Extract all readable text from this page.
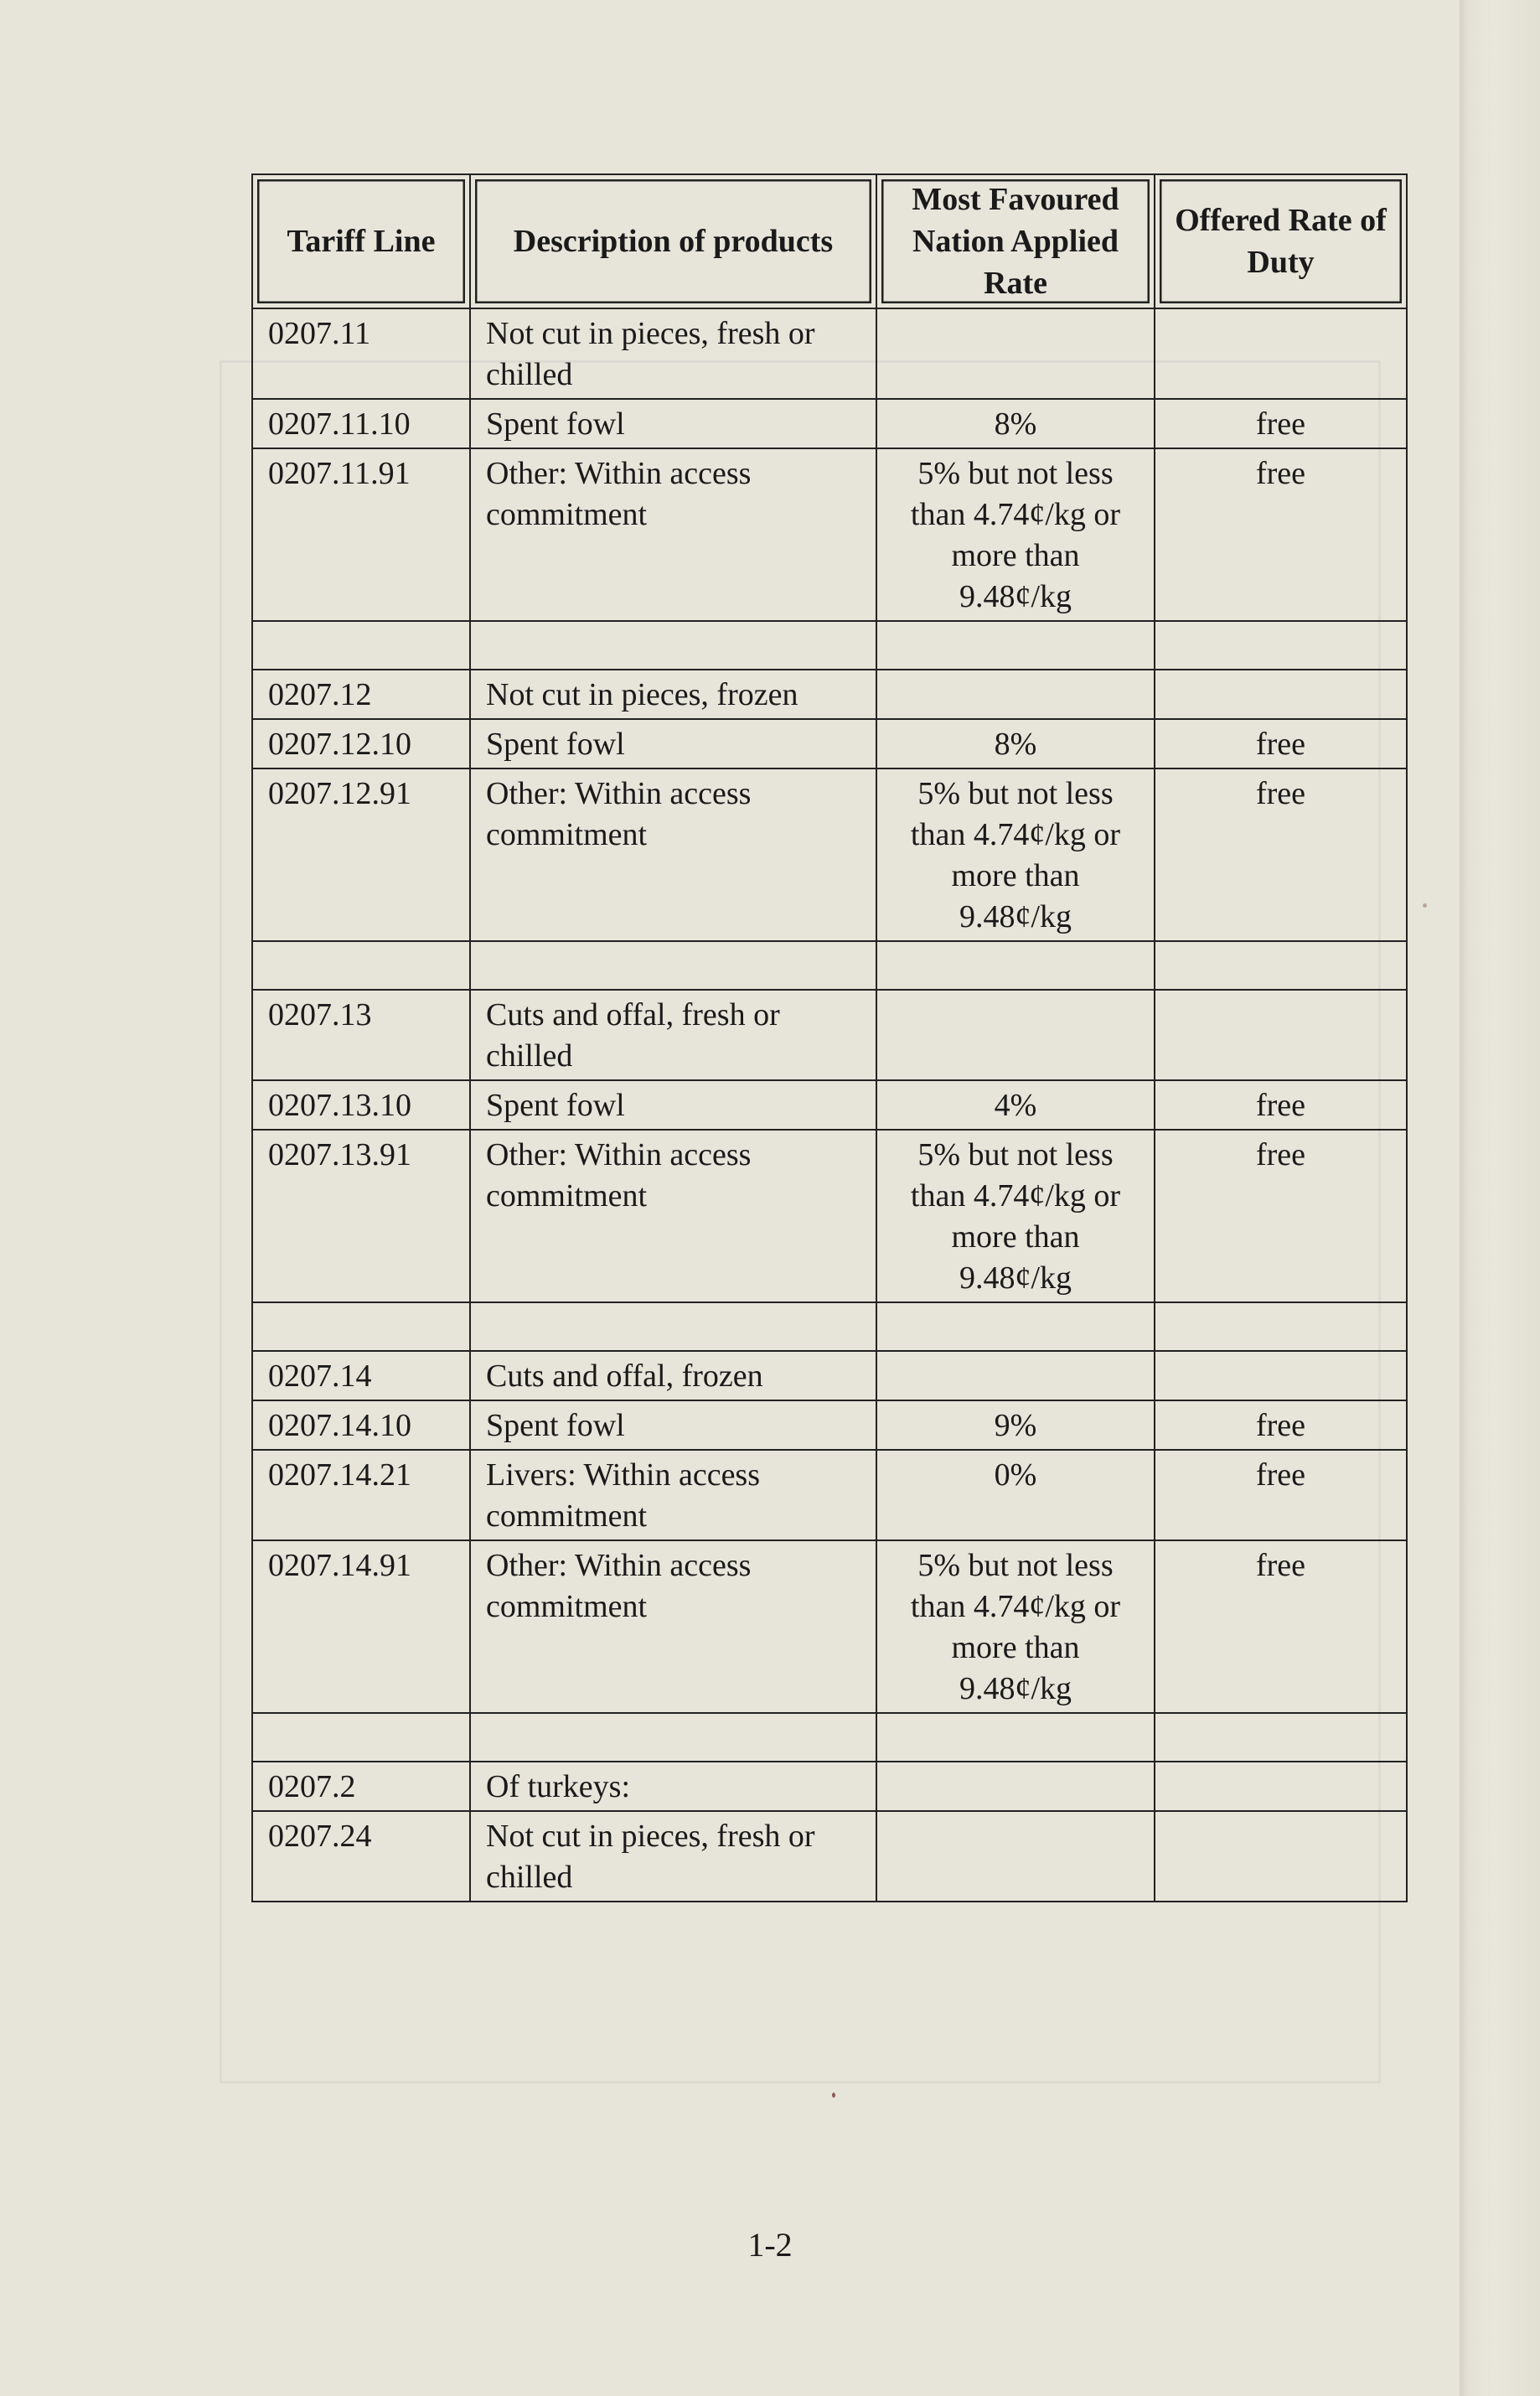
Tariff Line	Description of products	Most Favoured Nation Applied Rate	Offered Rate of Duty
0207.11	Not cut in pieces, fresh or chilled		
0207.11.10	Spent fowl	8%	free
0207.11.91	Other: Within access commitment	5% but not less than 4.74¢/kg or more than 9.48¢/kg	free

0207.12	Not cut in pieces, frozen		
0207.12.10	Spent fowl	8%	free
0207.12.91	Other: Within access commitment	5% but not less than 4.74¢/kg or more than 9.48¢/kg	free

0207.13	Cuts and offal, fresh or chilled		
0207.13.10	Spent fowl	4%	free
0207.13.91	Other: Within access commitment	5% but not less than 4.74¢/kg or more than 9.48¢/kg	free

0207.14	Cuts and offal, frozen		
0207.14.10	Spent fowl	9%	free
0207.14.21	Livers: Within access commitment	0%	free
0207.14.91	Other: Within access commitment	5% but not less than 4.74¢/kg or more than 9.48¢/kg	free

0207.2	Of turkeys:		
0207.24	Not cut in pieces, fresh or chilled		
1-2
